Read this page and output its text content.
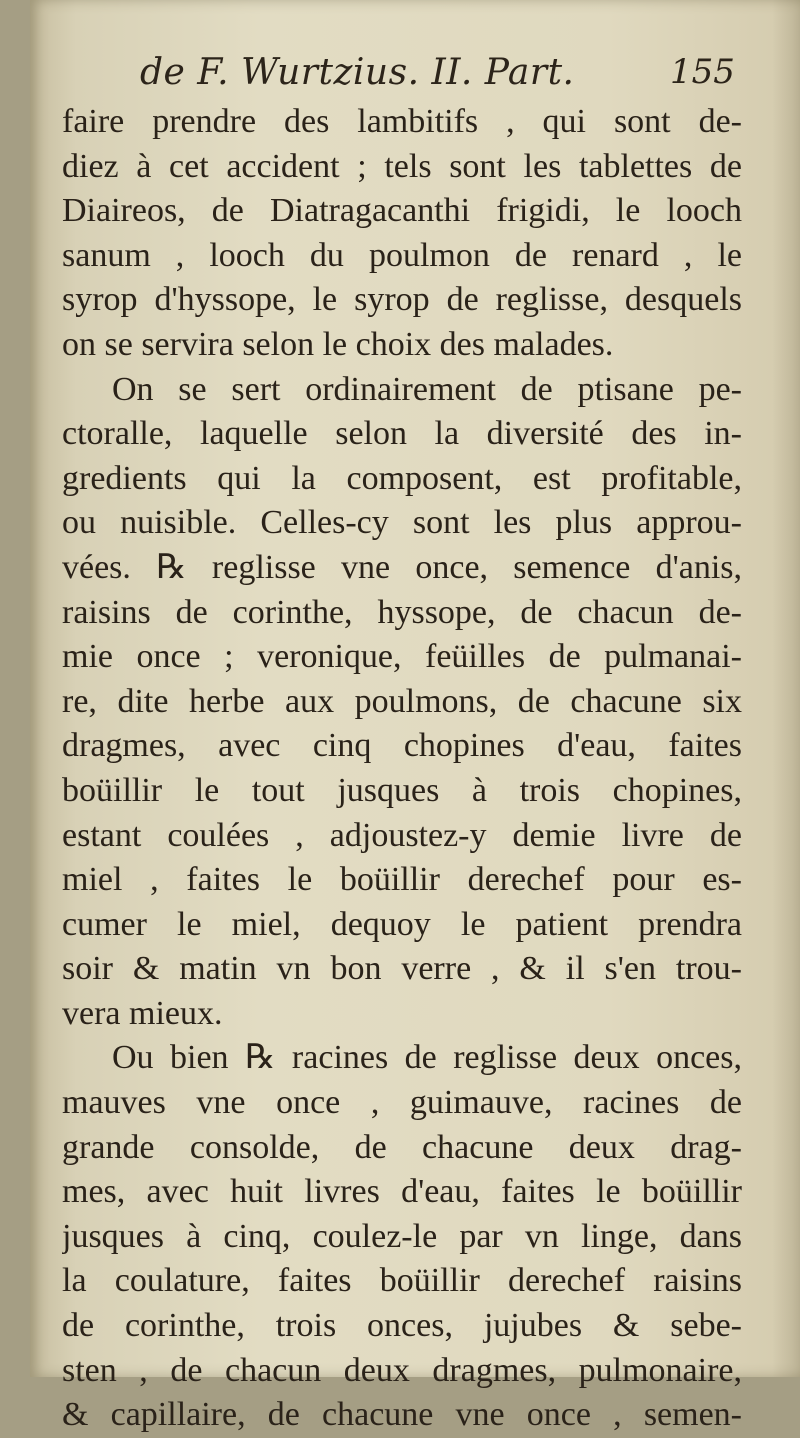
de F. Wurtzius. II. Part.	155
faire prendre des lambitifs , qui sont de-
diez à cet accident ; tels sont les tablettes de
Diaireos, de Diatragacanthi frigidi, le looch
sanum , looch du poulmon de renard , le
syrop d'hyssope, le syrop de reglisse, desquels
on se servira selon le choix des malades.
On se sert ordinairement de ptisane pe-
ctoralle, laquelle selon la diversité des in-
gredients qui la composent, est profitable,
ou nuisible. Celles-cy sont les plus approu-
vées. ℞ reglisse vne once, semence d'anis,
raisins de corinthe, hyssope, de chacun de-
mie once ; veronique, feüilles de pulmanai-
re, dite herbe aux poulmons, de chacune six
dragmes, avec cinq chopines d'eau, faites
boüillir le tout jusques à trois chopines,
estant coulées , adjoustez-y demie livre de
miel , faites le boüillir derechef pour es-
cumer le miel, dequoy le patient prendra
soir & matin vn bon verre , & il s'en trou-
vera mieux.
Ou bien ℞ racines de reglisse deux onces,
mauves vne once , guimauve, racines de
grande consolde, de chacune deux drag-
mes, avec huit livres d'eau, faites le boüillir
jusques à cinq, coulez-le par vn linge, dans
la coulature, faites boüillir derechef raisins
de corinthe, trois onces, jujubes & sebe-
sten , de chacun deux dragmes, pulmonaire,
& capillaire, de chacune vne once , semen-
